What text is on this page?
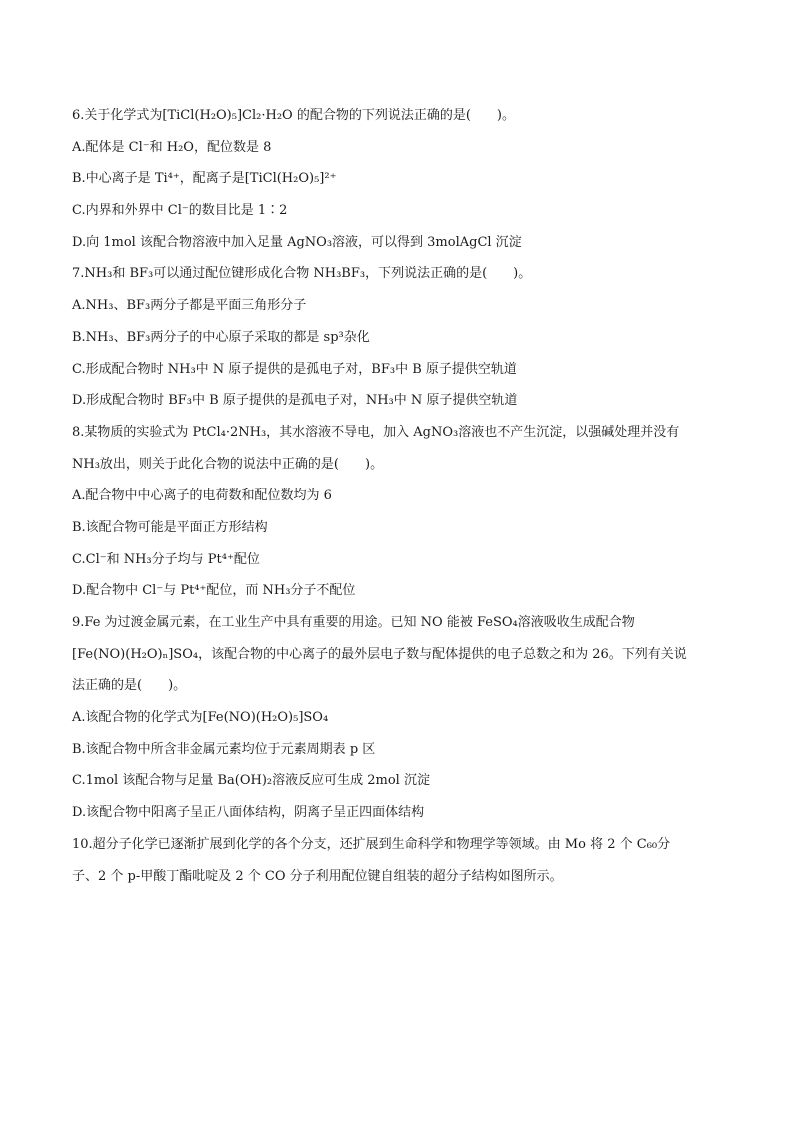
6.关于化学式为[TiCl(H₂O)₅]Cl₂·H₂O 的配合物的下列说法正确的是(　　)。
A.配体是 Cl⁻和 H₂O，配位数是 8
B.中心离子是 Ti⁴⁺，配离子是[TiCl(H₂O)₅]²⁺
C.内界和外界中 Cl⁻的数目比是 1∶2
D.向 1mol 该配合物溶液中加入足量 AgNO₃溶液，可以得到 3molAgCl 沉淀
7.NH₃和 BF₃可以通过配位键形成化合物 NH₃BF₃，下列说法正确的是(　　)。
A.NH₃、BF₃两分子都是平面三角形分子
B.NH₃、BF₃两分子的中心原子采取的都是 sp³杂化
C.形成配合物时 NH₃中 N 原子提供的是孤电子对，BF₃中 B 原子提供空轨道
D.形成配合物时 BF₃中 B 原子提供的是孤电子对，NH₃中 N 原子提供空轨道
8.某物质的实验式为 PtCl₄·2NH₃，其水溶液不导电，加入 AgNO₃溶液也不产生沉淀，以强碱处理并没有
NH₃放出，则关于此化合物的说法中正确的是(　　)。
A.配合物中中心离子的电荷数和配位数均为 6
B.该配合物可能是平面正方形结构
C.Cl⁻和 NH₃分子均与 Pt⁴⁺配位
D.配合物中 Cl⁻与 Pt⁴⁺配位，而 NH₃分子不配位
9.Fe 为过渡金属元素，在工业生产中具有重要的用途。已知 NO 能被 FeSO₄溶液吸收生成配合物
[Fe(NO)(H₂O)ₙ]SO₄，该配合物的中心离子的最外层电子数与配体提供的电子总数之和为 26。下列有关说
法正确的是(　　)。
A.该配合物的化学式为[Fe(NO)(H₂O)₅]SO₄
B.该配合物中所含非金属元素均位于元素周期表 p 区
C.1mol 该配合物与足量 Ba(OH)₂溶液反应可生成 2mol 沉淀
D.该配合物中阳离子呈正八面体结构，阴离子呈正四面体结构
10.超分子化学已逐渐扩展到化学的各个分支，还扩展到生命科学和物理学等领域。由 Mo 将 2 个 C₆₀分
子、2 个 p-甲酸丁酯吡啶及 2 个 CO 分子利用配位键自组装的超分子结构如图所示。
